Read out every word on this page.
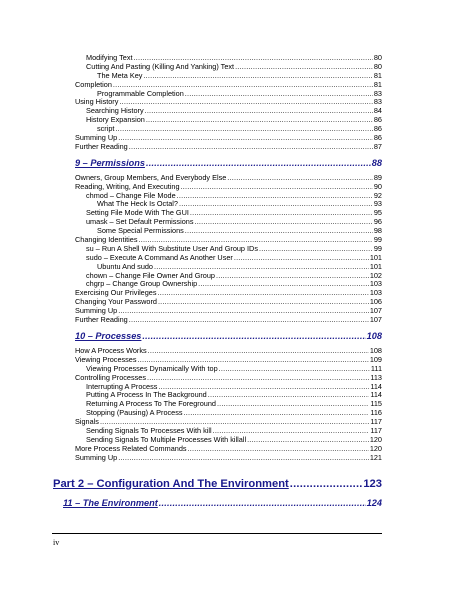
Modifying Text .....	80
Cutting And Pasting (Killing And Yanking) Text .....	80
The Meta Key .....	81
Completion .....	81
Programmable Completion .....	83
Using History .....	83
Searching History .....	84
History Expansion .....	86
script .....	86
Summing Up .....	86
Further Reading .....	87
9 – Permissions .....	88
Owners, Group Members, And Everybody Else .....	89
Reading, Writing, And Executing .....	90
chmod – Change File Mode .....	92
What The Heck Is Octal? .....	93
Setting File Mode With The GUI .....	95
umask – Set Default Permissions .....	96
Some Special Permissions .....	98
Changing Identities .....	99
su – Run A Shell With Substitute User And Group IDs .....	99
sudo – Execute A Command As Another User .....	101
Ubuntu And sudo .....	101
chown – Change File Owner And Group .....	102
chgrp – Change Group Ownership .....	103
Exercising Our Privileges .....	103
Changing Your Password .....	106
Summing Up .....	107
Further Reading .....	107
10 – Processes .....	108
How A Process Works .....	108
Viewing Processes .....	109
Viewing Processes Dynamically With top .....	111
Controlling Processes .....	113
Interrupting A Process .....	114
Putting A Process In The Background .....	114
Returning A Process To The Foreground .....	115
Stopping (Pausing) A Process .....	116
Signals .....	117
Sending Signals To Processes With kill .....	117
Sending Signals To Multiple Processes With killall .....	120
More Process Related Commands .....	120
Summing Up .....	121
Part 2 – Configuration And The Environment .....	123
11 – The Environment .....	124
iv
